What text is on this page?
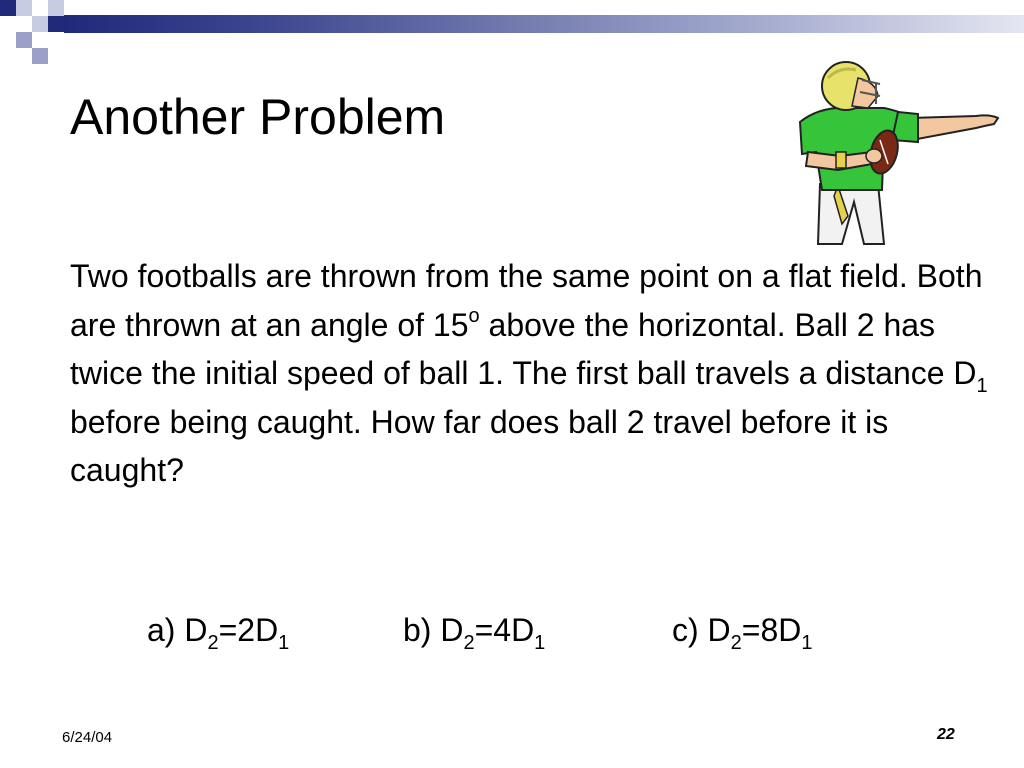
Another Problem
Two footballs are thrown from the same point on a flat field. Both are thrown at an angle of 15$^o$ above the horizontal. Ball 2 has twice the initial speed of ball 1. The first ball travels a distance $D_1$ before being caught. How far does ball 2 travel before it is caught?
a) $D_2=2D_1$	b) $D_2=4D_1$	c) $D_2=8D_1$
6/24/04	22
